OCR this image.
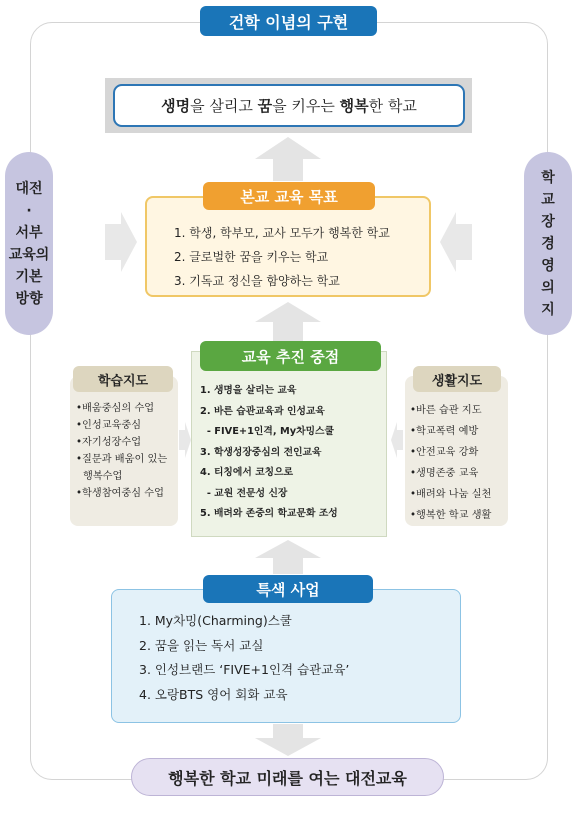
건학 이념의 구현
생명 을 살리고 꿈 을 키우는 행복 한 학교
대전
·
서부
교육의
기본
방향
학
교
장
경
영
의
지
본교 교육 목표
1. 학생, 학부모, 교사 모두가 행복한 학교
2. 글로벌한 꿈을 키우는 학교
3. 기독교 정신을 함양하는 학교
학습지도
•배움중심의 수업
•인성교육중심
•자기성장수업
•질문과 배움이 있는 행복수업
•학생참여중심 수업
교육 추진 중점
1. 생명을 살리는 교육
2. 바른 습관교육과 인성교육
- FIVE+1인격, My차밍스쿨
3. 학생성장중심의 전인교육
4. 티칭에서 코칭으로
- 교원 전문성 신장
5. 배려와 존중의 학교문화 조성
생활지도
•바른 습관 지도
•학교폭력 예방
•안전교육 강화
•생명존중 교육
•배려와 나눔 실천
•행복한 학교 생활
특색 사업
1. My차밍(Charming)스쿨
2. 꿈을 읽는 독서 교실
3. 인성브랜드 ‘FIVE+1인격 습관교육’
4. 오랑BTS 영어 회화 교육
행복한 학교 미래를 여는 대전교육
